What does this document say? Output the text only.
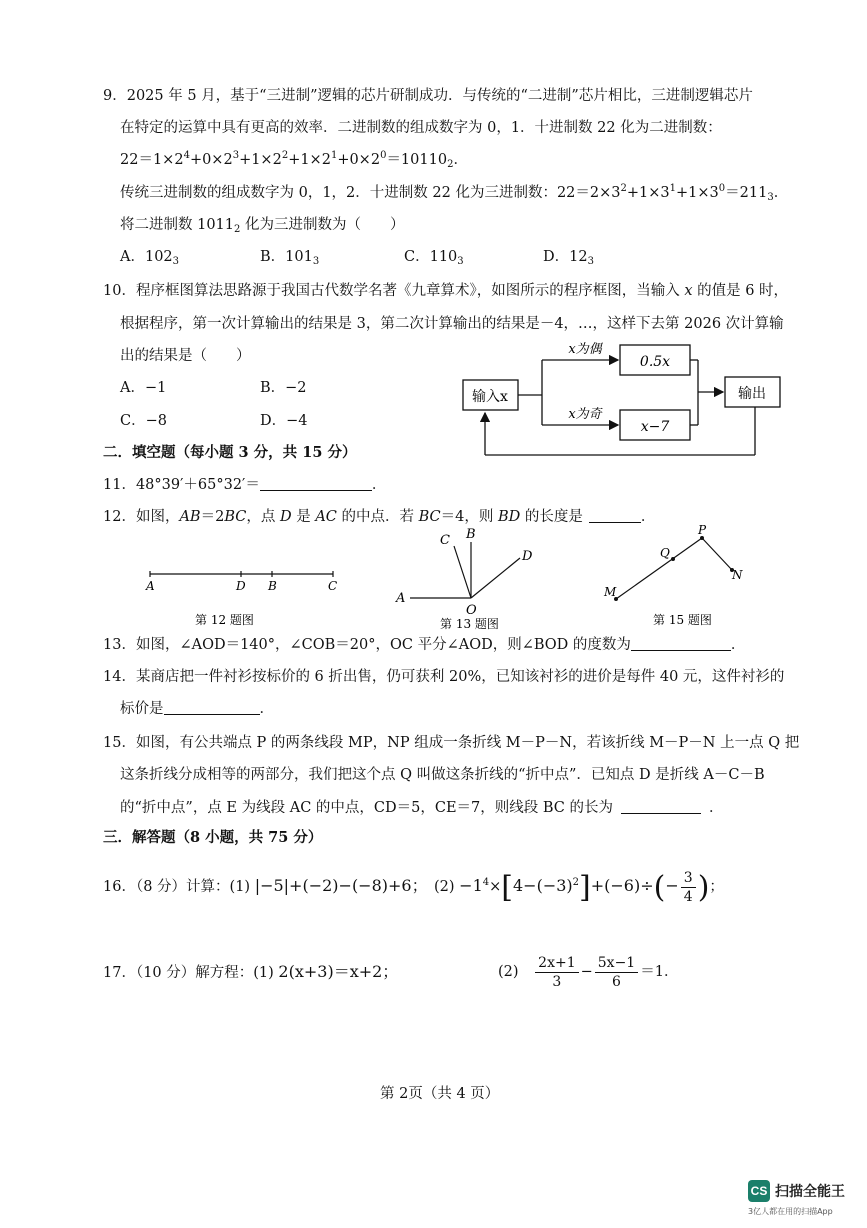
9．2025 年 5 月，基于“三进制”逻辑的芯片研制成功．与传统的“二进制”芯片相比，三进制逻辑芯片
在特定的运算中具有更高的效率．二进制数的组成数字为 0，1．十进制数 22 化为二进制数：
$22=1\times 2^4+0\times 2^3+1\times 2^2+1\times 2^1+0\times 2^0=10110_2$．
传统三进制数的组成数字为 0，1，2．十进制数 22 化为三进制数：$22=2\times 3^2+1\times 3^1+1\times 3^0=211_3$．
将二进制数 $1011_2$ 化为三进制数为（　　）
A．$102_3$	B．$101_3$	C．$110_3$	D．$12_3$
10．程序框图算法思路源于我国古代数学名著《九章算术》，如图所示的程序框图，当输入 x 的值是 6 时，
根据程序，第一次计算输出的结果是 3，第二次计算输出的结果是－4，…，这样下去第 2026 次计算输
出的结果是（　　）
A．−1	B．−2
C．−8	D．−4
输入x
x为偶
x为奇
0.5x
x−7
输出
二．填空题（每小题 3 分，共 15 分）
11．48°39′＋65°32′＝	．
12．如图，AB＝2BC，点 D 是 AC 的中点．若 BC＝4，则 BD 的长度是	．
A	D B	C
第 12 题图
A
C B
D
O
第 13 题图
M
Q
P
N
第 15 题图
13．如图，∠AOD＝140°，∠COB＝20°，OC 平分∠AOD，则∠BOD 的度数为	．
14．某商店把一件衬衫按标价的 6 折出售，仍可获利 20%，已知该衬衫的进价是每件 40 元，这件衬衫的
标价是	．
15．如图，有公共端点 P 的两条线段 MP，NP 组成一条折线 M－P－N，若该折线 M－P－N 上一点 Q 把
这条折线分成相等的两部分，我们把这个点 Q 叫做这条折线的“折中点”．已知点 D 是折线 A－C－B
的“折中点”，点 E 为线段 AC 的中点，CD＝5，CE＝7，则线段 BC 的长为	．
三．解答题（8 小题，共 75 分）
16．（8 分）计算：(1) |−5|+(−2)−(−8)+6； $(2) -1^4\times[4-(-3)^2]+(-6)\div(- \frac{3}{4}$ )；
17．（10 分）解方程：(1) 2(x+3)＝x+2；	$(2) \frac{2x+1}{3} - \frac{5x-1}{6} =1$．
第 2页（共 4 页）
CS 扫描全能王
3亿人都在用的扫描App
